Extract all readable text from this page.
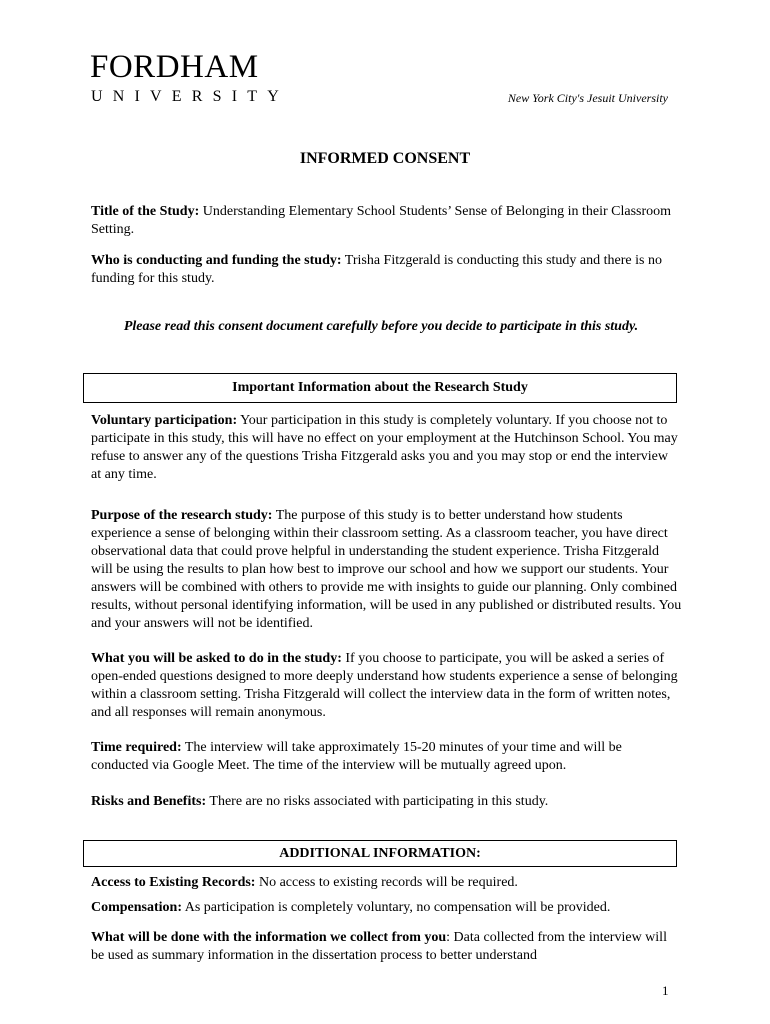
FORDHAM
UNIVERSITY	New York City's Jesuit University
INFORMED CONSENT
Title of the Study: Understanding Elementary School Students’ Sense of Belonging in their Classroom Setting.
Who is conducting and funding the study: Trisha Fitzgerald is conducting this study and there is no funding for this study.
Please read this consent document carefully before you decide to participate in this study.
Important Information about the Research Study
Voluntary participation: Your participation in this study is completely voluntary. If you choose not to participate in this study, this will have no effect on your employment at the Hutchinson School. You may refuse to answer any of the questions Trisha Fitzgerald asks you and you may stop or end the interview at any time.
Purpose of the research study: The purpose of this study is to better understand how students experience a sense of belonging within their classroom setting. As a classroom teacher, you have direct observational data that could prove helpful in understanding the student experience. Trisha Fitzgerald will be using the results to plan how best to improve our school and how we support our students. Your answers will be combined with others to provide me with insights to guide our planning. Only combined results, without personal identifying information, will be used in any published or distributed results. You and your answers will not be identified.
What you will be asked to do in the study: If you choose to participate, you will be asked a series of open-ended questions designed to more deeply understand how students experience a sense of belonging within a classroom setting. Trisha Fitzgerald will collect the interview data in the form of written notes, and all responses will remain anonymous.
Time required: The interview will take approximately 15-20 minutes of your time and will be conducted via Google Meet. The time of the interview will be mutually agreed upon.
Risks and Benefits: There are no risks associated with participating in this study.
ADDITIONAL INFORMATION:
Access to Existing Records: No access to existing records will be required.
Compensation: As participation is completely voluntary, no compensation will be provided.
What will be done with the information we collect from you: Data collected from the interview will be used as summary information in the dissertation process to better understand
1
